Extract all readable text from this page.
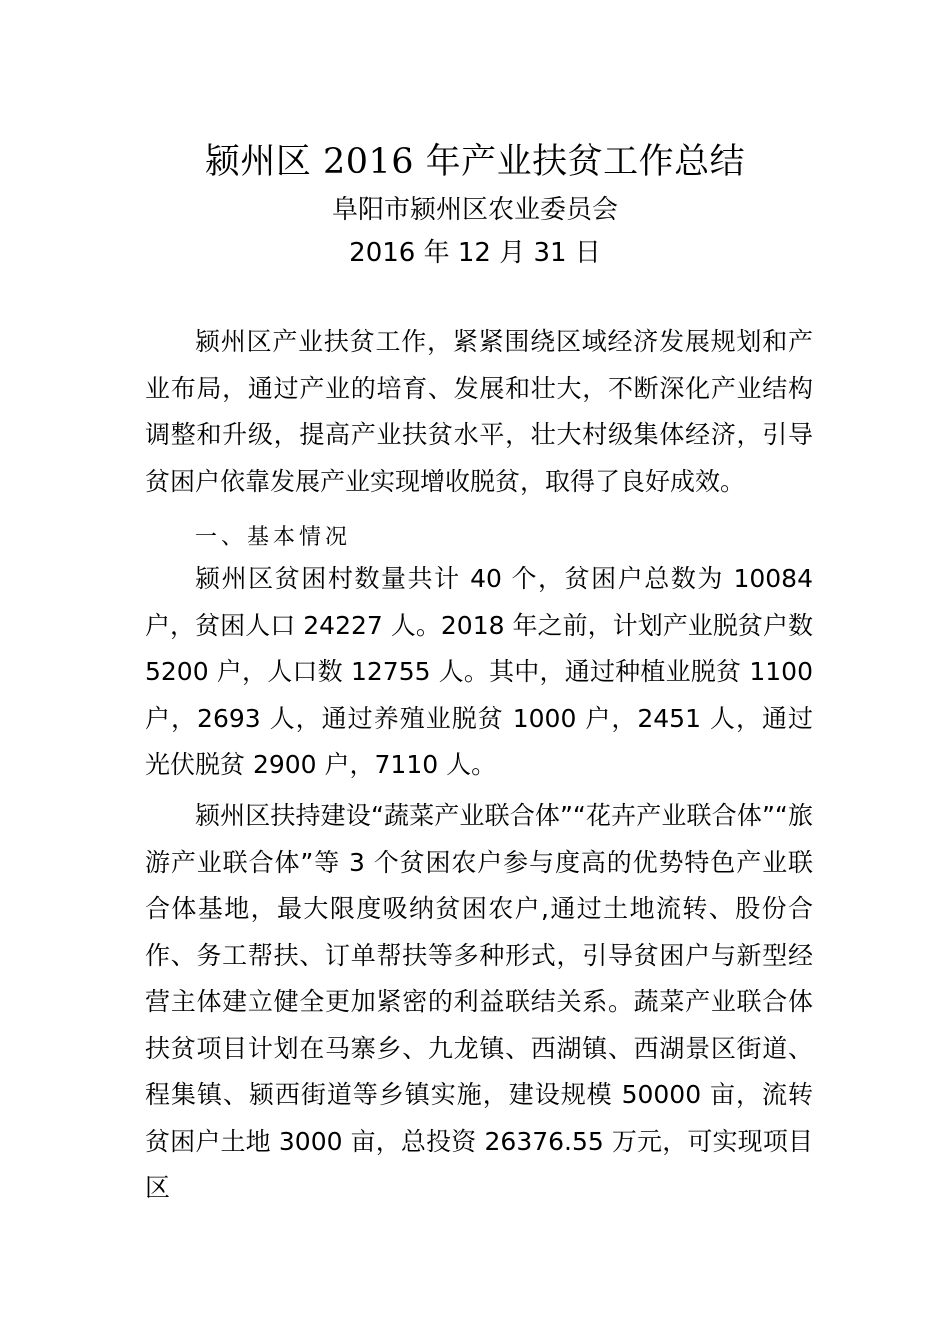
颍州区 2016 年产业扶贫工作总结
阜阳市颍州区农业委员会
2016 年 12 月 31 日

颍州区产业扶贫工作，紧紧围绕区域经济发展规划和产业布局，通过产业的培育、发展和壮大，不断深化产业结构调整和升级，提高产业扶贫水平，壮大村级集体经济，引导贫困户依靠发展产业实现增收脱贫，取得了良好成效。

一、基本情况

颍州区贫困村数量共计 40 个，贫困户总数为 10084 户，贫困人口 24227 人。2018 年之前，计划产业脱贫户数 5200 户，人口数 12755 人。其中，通过种植业脱贫 1100 户，2693 人，通过养殖业脱贫 1000 户，2451 人，通过光伏脱贫 2900 户，7110 人。

颍州区扶持建设“蔬菜产业联合体”“花卉产业联合体”“旅游产业联合体”等 3 个贫困农户参与度高的优势特色产业联合体基地，最大限度吸纳贫困农户,通过土地流转、股份合作、务工帮扶、订单帮扶等多种形式，引导贫困户与新型经营主体建立健全更加紧密的利益联结关系。蔬菜产业联合体扶贫项目计划在马寨乡、九龙镇、西湖镇、西湖景区街道、程集镇、颍西街道等乡镇实施，建设规模 50000 亩，流转贫困户土地 3000 亩，总投资 26376.55 万元，可实现项目区
